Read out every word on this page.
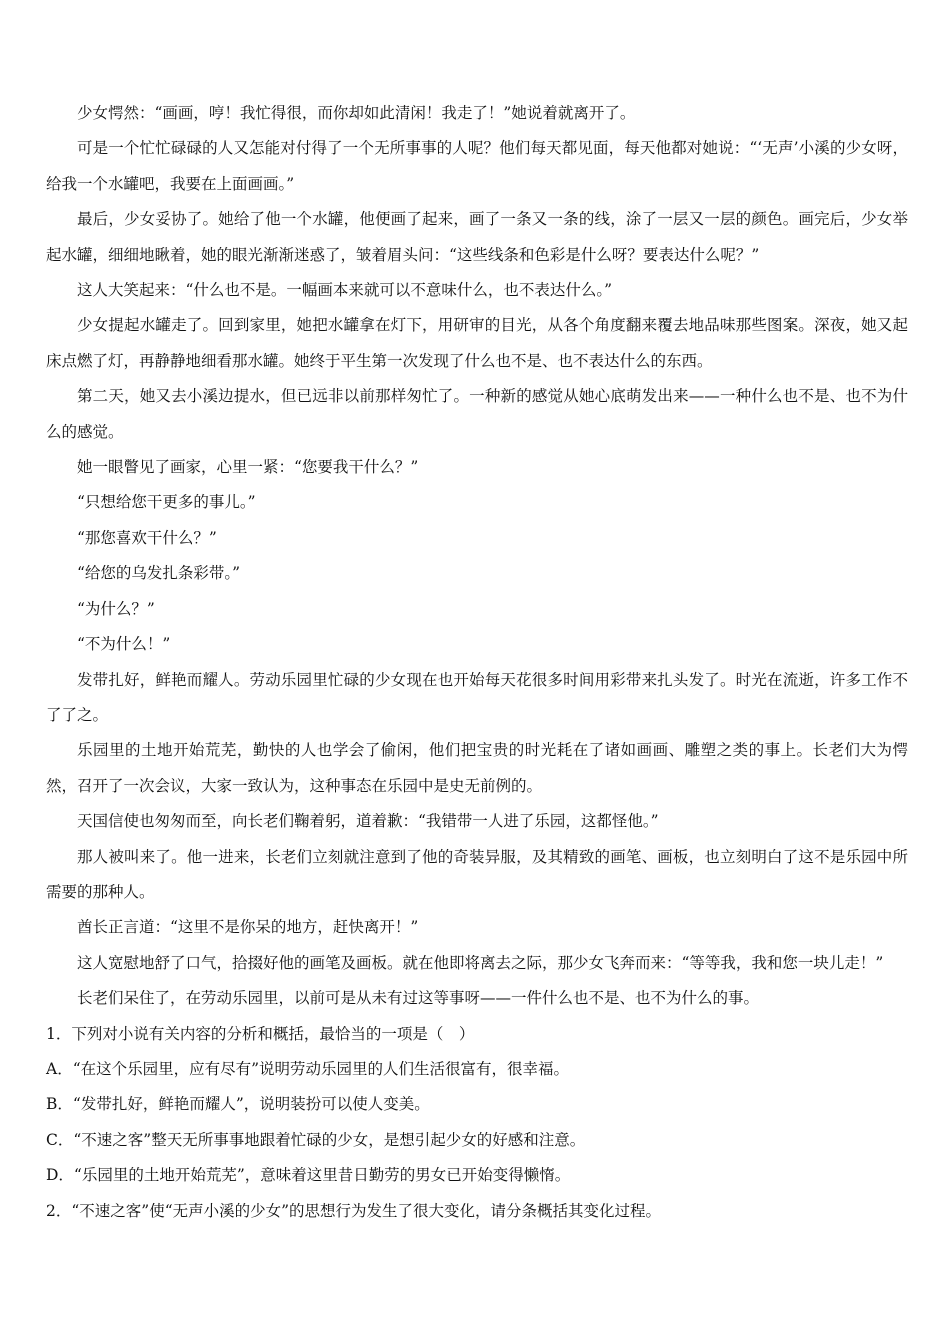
少女愕然：“画画，哼！我忙得很，而你却如此清闲！我走了！”她说着就离开了。

可是一个忙忙碌碌的人又怎能对付得了一个无所事事的人呢？他们每天都见面，每天他都对她说：“‘无声’小溪的少女呀，给我一个水罐吧，我要在上面画画。”

最后，少女妥协了。她给了他一个水罐，他便画了起来，画了一条又一条的线，涂了一层又一层的颜色。画完后，少女举起水罐，细细地瞅着，她的眼光渐渐迷惑了，皱着眉头问：“这些线条和色彩是什么呀？要表达什么呢？”

这人大笑起来：“什么也不是。一幅画本来就可以不意味什么，也不表达什么。”

少女提起水罐走了。回到家里，她把水罐拿在灯下，用研审的目光，从各个角度翻来覆去地品味那些图案。深夜，她又起床点燃了灯，再静静地细看那水罐。她终于平生第一次发现了什么也不是、也不表达什么的东西。

第二天，她又去小溪边提水，但已远非以前那样匆忙了。一种新的感觉从她心底萌发出来——一种什么也不是、也不为什么的感觉。

她一眼瞥见了画家，心里一紧：“您要我干什么？”

“只想给您干更多的事儿。”

“那您喜欢干什么？”

“给您的乌发扎条彩带。”

“为什么？”

“不为什么！”

发带扎好，鲜艳而耀人。劳动乐园里忙碌的少女现在也开始每天花很多时间用彩带来扎头发了。时光在流逝，许多工作不了了之。

乐园里的土地开始荒芜，勤快的人也学会了偷闲，他们把宝贵的时光耗在了诸如画画、雕塑之类的事上。长老们大为愕然，召开了一次会议，大家一致认为，这种事态在乐园中是史无前例的。

天国信使也匆匆而至，向长老们鞠着躬，道着歉：“我错带一人进了乐园，这都怪他。”

那人被叫来了。他一进来，长老们立刻就注意到了他的奇装异服，及其精致的画笔、画板，也立刻明白了这不是乐园中所需要的那种人。

酋长正言道：“这里不是你呆的地方，赶快离开！”

这人宽慰地舒了口气，拾掇好他的画笔及画板。就在他即将离去之际，那少女飞奔而来：“等等我，我和您一块儿走！”

长老们呆住了，在劳动乐园里，以前可是从未有过这等事呀——一件什么也不是、也不为什么的事。

1．下列对小说有关内容的分析和概括，最恰当的一项是（　）

A．“在这个乐园里，应有尽有”说明劳动乐园里的人们生活很富有，很幸福。

B．“发带扎好，鲜艳而耀人”，说明装扮可以使人变美。

C．“不速之客”整天无所事事地跟着忙碌的少女，是想引起少女的好感和注意。

D．“乐园里的土地开始荒芜”，意味着这里昔日勤劳的男女已开始变得懒惰。

2．“不速之客”使“无声小溪的少女”的思想行为发生了很大变化，请分条概括其变化过程。
